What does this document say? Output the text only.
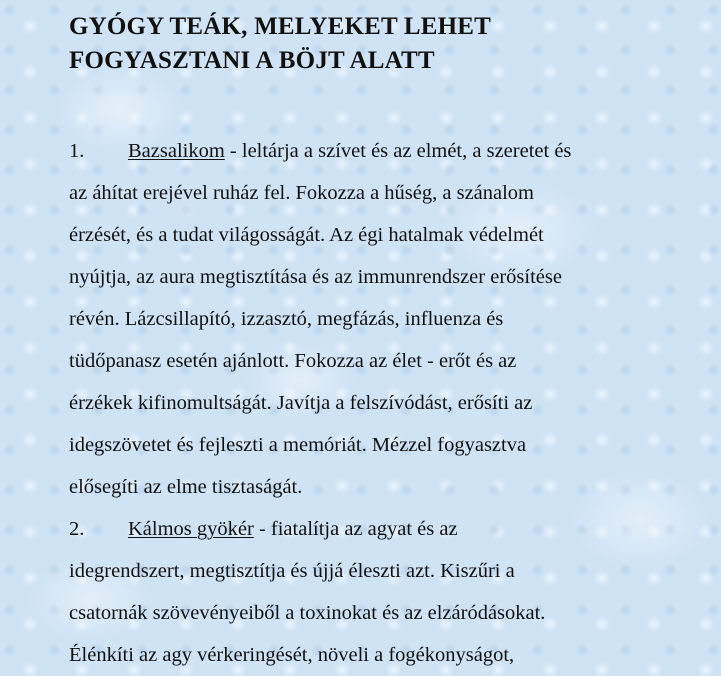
GYÓGY TEÁK, MELYEKET LEHET
FOGYASZTANI A BÖJT ALATT
1. Bazsalikom - leltárja a szívet és az elmét, a szeretet és
az áhítat erejével ruház fel. Fokozza a hűség, a szánalom
érzését, és a tudat világosságát. Az égi hatalmak védelmét
nyújtja, az aura megtisztítása és az immunrendszer erősítése
révén. Lázcsillapító, izzasztó, megfázás, influenza és
tüdőpanasz esetén ajánlott. Fokozza az élet - erőt és az
érzékek kifinomultságát. Javítja a felszívódást, erősíti az
idegszövetet és fejleszti a memóriát. Mézzel fogyasztva
elősegíti az elme tisztaságát.
2. Kálmos gyökér - fiatalítja az agyat és az
idegrendszert, megtisztítja és újjá éleszti azt. Kiszűri a
csatornák szövevényeiből a toxinokat és az elzáródásokat.
Élénkíti az agy vérkeringését, növeli a fogékonyságot,
